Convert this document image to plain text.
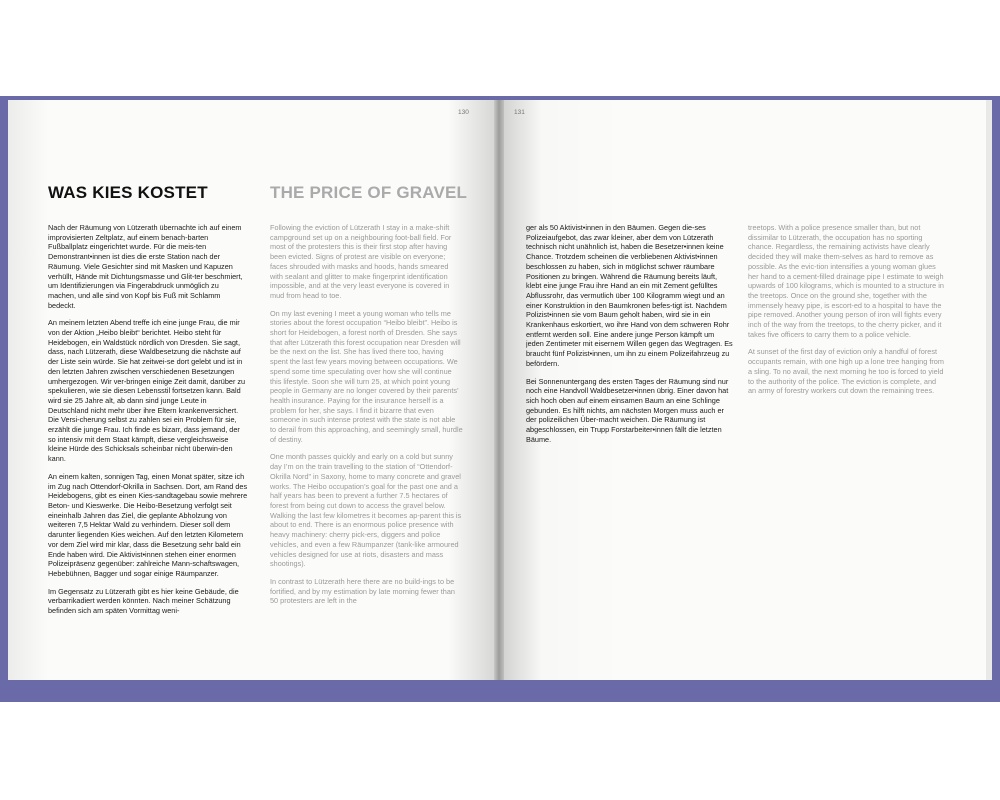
130	131
WAS KIES KOSTET	THE PRICE OF GRAVEL

Nach der Räumung von Lützerath übernachte ich auf einem improvisierten Zeltplatz, auf einem benach-barten Fußballplatz eingerichtet wurde. Für die meis-ten Demonstrant•innen ist dies die erste Station nach der Räumung. Viele Gesichter sind mit Masken und Kapuzen verhüllt, Hände mit Dichtungsmasse und Glit-ter beschmiert, um Identifizierungen via Fingerabdruck unmöglich zu machen, und alle sind von Kopf bis Fuß mit Schlamm bedeckt.

An meinem letzten Abend treffe ich eine junge Frau, die mir von der Aktion „Heibo bleibt“ berichtet. Heibo steht für Heidebogen, ein Waldstück nördlich von Dresden. Sie sagt, dass, nach Lützerath, diese Waldbesetzung die nächste auf der Liste sein würde. Sie hat zeitwei-se dort gelebt und ist in den letzten Jahren zwischen verschiedenen Besetzungen umhergezogen. Wir ver-bringen einige Zeit damit, darüber zu spekulieren, wie sie diesen Lebensstil fortsetzen kann. Bald wird sie 25 Jahre alt, ab dann sind junge Leute in Deutschland nicht mehr über ihre Eltern krankenversichert. Die Versi-cherung selbst zu zahlen sei ein Problem für sie, erzählt die junge Frau. Ich finde es bizarr, dass jemand, der so intensiv mit dem Staat kämpft, diese vergleichsweise kleine Hürde des Schicksals scheinbar nicht überwin-den kann.

An einem kalten, sonnigen Tag, einen Monat später, sitze ich im Zug nach Ottendorf-Okrilla in Sachsen. Dort, am Rand des Heidebogens, gibt es einen Kies-sandtagebau sowie mehrere Beton- und Kieswerke. Die Heibo-Besetzung verfolgt seit eineinhalb Jahren das Ziel, die geplante Abholzung von weiteren 7,5 Hektar Wald zu verhindern. Dieser soll dem darunter liegenden Kies weichen. Auf den letzten Kilometern vor dem Ziel wird mir klar, dass die Besetzung sehr bald ein Ende haben wird. Die Aktivist•innen stehen einer enormen Polizeipräsenz gegenüber: zahlreiche Mann-schaftswagen, Hebebühnen, Bagger und sogar einige Räumpanzer.

Im Gegensatz zu Lützerath gibt es hier keine Gebäude, die verbarrikadiert werden könnten. Nach meiner Schätzung befinden sich am späten Vormittag weni-

Following the eviction of Lützerath I stay in a make-shift campground set up on a neighbouring foot-ball field. For most of the protesters this is their first stop after having been evicted. Signs of protest are visible on everyone; faces shrouded with masks and hoods, hands smeared with sealant and glitter to make fingerprint identification impossible, and at the very least everyone is covered in mud from head to toe.

On my last evening I meet a young woman who tells me stories about the forest occupation “Heibo bleibt”. Heibo is short for Heidebogen, a forest north of Dresden. She says that after Lützerath this forest occupation near Dresden will be the next on the list. She has lived there too, having spent the last few years moving between occupations. We spend some time speculating over how she will continue this lifestyle. Soon she will turn 25, at which point young people in Germany are no longer covered by their parents’ health insurance. Paying for the insurance herself is a problem for her, she says. I find it bizarre that even someone in such intense protest with the state is not able to derail from this approaching, and seemingly small, hurdle of destiny.

One month passes quickly and early on a cold but sunny day I’m on the train travelling to the station of “Ottendorf-Okrilla Nord” in Saxony, home to many concrete and gravel works. The Heibo occupation’s goal for the past one and a half years has been to prevent a further 7.5 hectares of forest from being cut down to access the gravel below. Walking the last few kilometres it becomes ap-parent this is about to end. There is an enormous police presence with heavy machinery: cherry pick-ers, diggers and police vehicles, and even a few Räumpanzer (tank-like armoured vehicles designed for use at riots, disasters and mass shootings).

In contrast to Lützerath here there are no build-ings to be fortified, and by my estimation by late morning fewer than 50 protesters are left in the

ger als 50 Aktivist•innen in den Bäumen. Gegen die-ses Polizeiaufgebot, das zwar kleiner, aber dem von Lützerath technisch nicht unähnlich ist, haben die Besetzer•innen keine Chance. Trotzdem scheinen die verbliebenen Aktivist•innen beschlossen zu haben, sich in möglichst schwer räumbare Positionen zu bringen. Während die Räumung bereits läuft, klebt eine junge Frau ihre Hand an ein mit Zement gefülltes Abflussrohr, das vermutlich über 100 Kilogramm wiegt und an einer Konstruktion in den Baumkronen befes-tigt ist. Nachdem Polizist•innen sie vom Baum geholt haben, wird sie in ein Krankenhaus eskortiert, wo ihre Hand von dem schweren Rohr entfernt werden soll. Eine andere junge Person kämpft um jeden Zentimeter mit eisernem Willen gegen das Wegtragen. Es braucht fünf Polizist•innen, um ihn zu einem Polizeifahrzeug zu befördern.

Bei Sonnenuntergang des ersten Tages der Räumung sind nur noch eine Handvoll Waldbesetzer•innen übrig. Einer davon hat sich hoch oben auf einem einsamen Baum an eine Schlinge gebunden. Es hilft nichts, am nächsten Morgen muss auch er der polizeilichen Über-macht weichen. Die Räumung ist abgeschlossen, ein Trupp Forstarbeiter•innen fällt die letzten Bäume.

treetops. With a police presence smaller than, but not dissimilar to Lützerath, the occupation has no sporting chance. Regardless, the remaining activists have clearly decided they will make them-selves as hard to remove as possible. As the evic-tion intensifies a young woman glues her hand to a cement-filled drainage pipe I estimate to weigh upwards of 100 kilograms, which is mounted to a structure in the treetops. Once on the ground she, together with the immensely heavy pipe, is escort-ed to a hospital to have the pipe removed. Another young person of iron will fights every inch of the way from the treetops, to the cherry picker, and it takes five officers to carry them to a police vehicle.

At sunset of the first day of eviction only a handful of forest occupants remain, with one high up a lone tree hanging from a sling. To no avail, the next morning he too is forced to yield to the authority of the police. The eviction is complete, and an army of forestry workers cut down the remaining trees.
